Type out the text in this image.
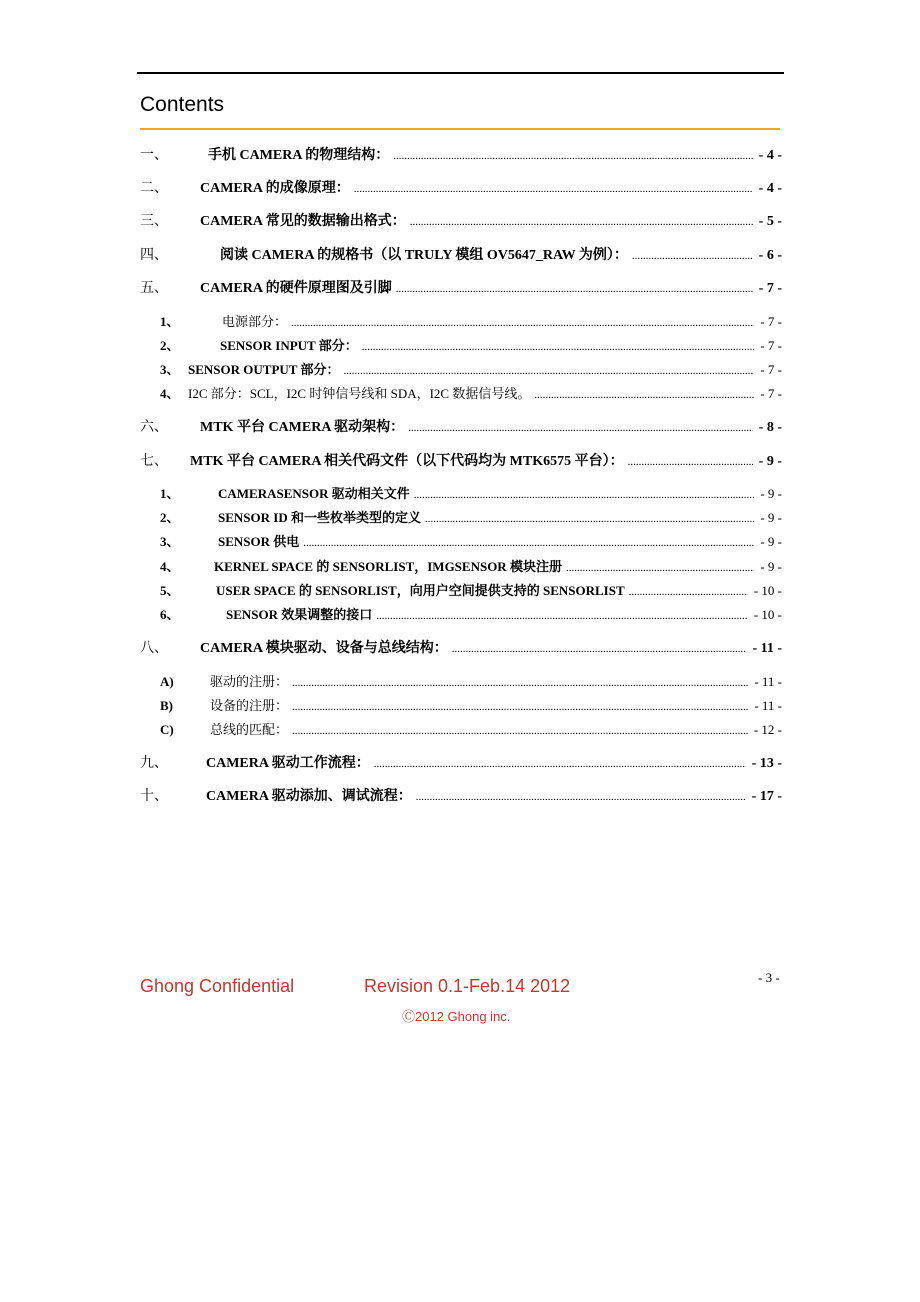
Contents
一、	手机 CAMERA 的物理结构： .....	- 4 -
二、	CAMERA 的成像原理： .....	- 4 -
三、	CAMERA 常见的数据输出格式： .....	- 5 -
四、	阅读 CAMERA 的规格书（以 TRULY 模组 OV5647_RAW 为例）： .....	- 6 -
五、	CAMERA 的硬件原理图及引脚 .....	- 7 -
1、	电源部分： .....	- 7 -
2、	SENSOR INPUT 部分： .....	- 7 -
3、 SENSOR OUTPUT 部分： .....	- 7 -
4、 I2C 部分：SCL，I2C 时钟信号线和 SDA，I2C 数据信号线。 .....	- 7 -
六、	MTK 平台 CAMERA 驱动架构： .....	- 8 -
七、	MTK 平台 CAMERA 相关代码文件（以下代码均为 MTK6575 平台）： .....	- 9 -
1、	CAMERASENSOR 驱动相关文件 .....	- 9 -
2、	SENSOR ID 和一些枚举类型的定义 .....	- 9 -
3、	SENSOR 供电 .....	- 9 -
4、	KERNEL SPACE 的 SENSORLIST，IMGSENSOR 模块注册 .....	- 9 -
5、	USER SPACE 的 SENSORLIST，向用户空间提供支持的 SENSORLIST .....	- 10 -
6、	SENSOR 效果调整的接口 .....	- 10 -
八、	CAMERA 模块驱动、设备与总线结构： .....	- 11 -
A)	驱动的注册： .....	- 11 -
B)	设备的注册： .....	- 11 -
C)	总线的匹配： .....	- 12 -
九、	CAMERA 驱动工作流程： .....	- 13 -
十、	CAMERA 驱动添加、调试流程： .....	- 17 -
Ghong Confidential	Revision 0.1-Feb.14 2012	- 3 -
Ⓒ2012 Ghong inc.
